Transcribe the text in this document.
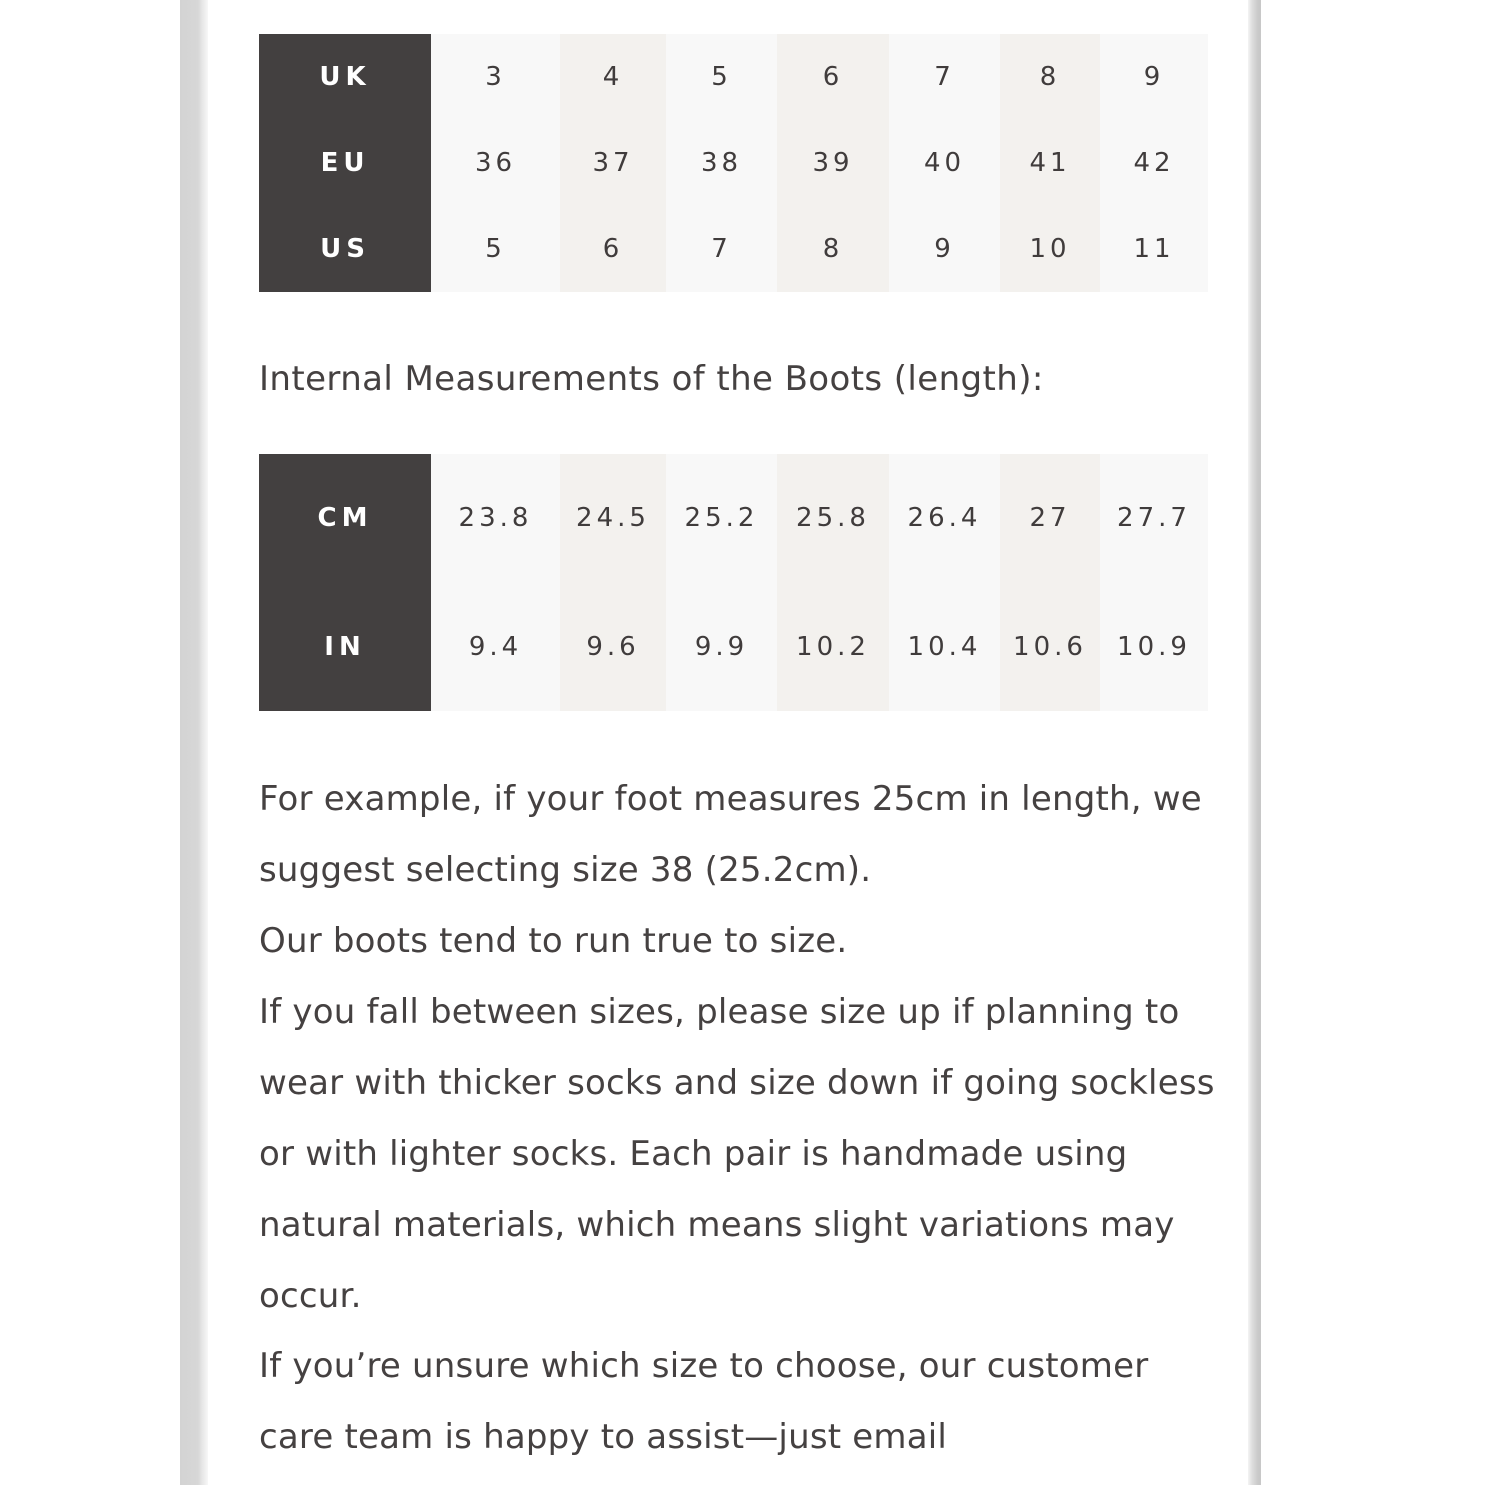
UK
EU
US
3
36
5
4
37
6
5
38
7
6
39
8
7
40
9
8
41
10
9
42
11
Internal Measurements of the Boots (length):
CM
IN
23.8
9.4
24.5
9.6
25.2
9.9
25.8
10.2
26.4
10.4
27
10.6
27.7
10.9

For example, if your foot measures 25cm in length, we suggest selecting size 38 (25.2cm).

Our boots tend to run true to size.

If you fall between sizes, please size up if planning to wear with thicker socks and size down if going sockless or with lighter socks. Each pair is handmade using natural materials, which means slight variations may occur.

If you’re unsure which size to choose, our customer care team is happy to assist—just email
